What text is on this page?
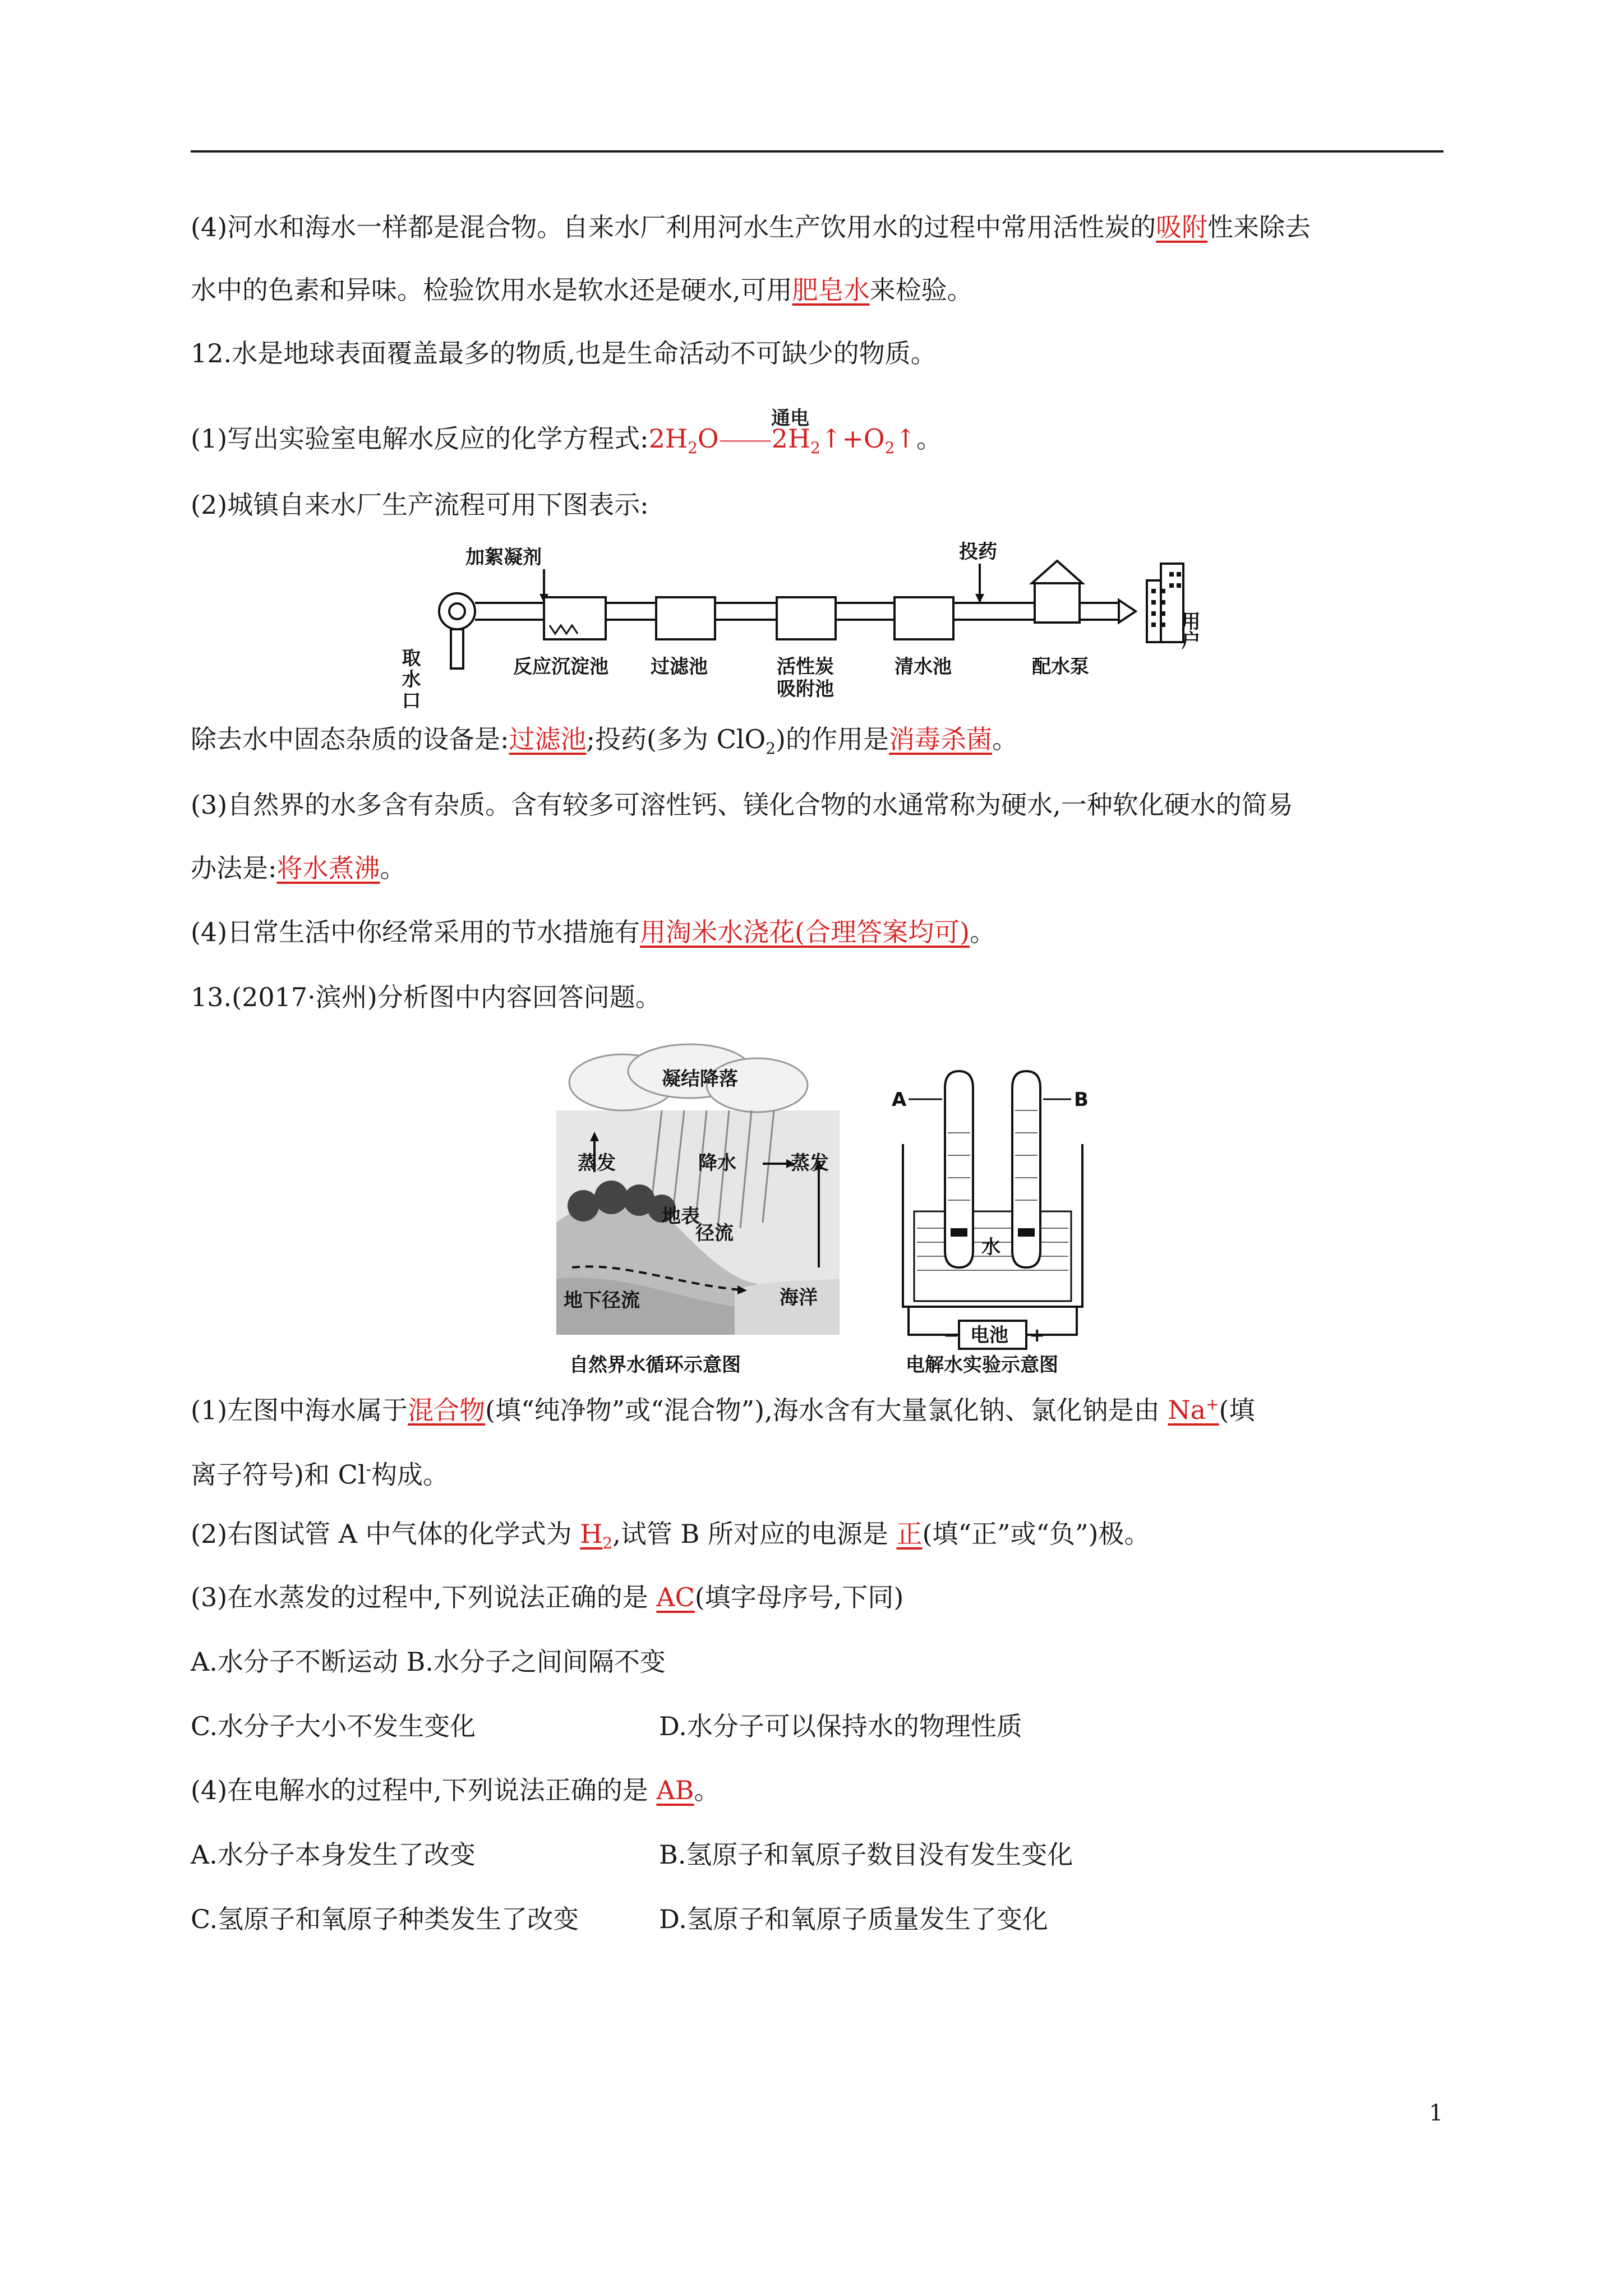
(4)河水和海水一样都是混合物。自来水厂利用河水生产饮用水的过程中常用活性炭的吸附性来除去
水中的色素和异味。检验饮用水是软水还是硬水,可用肥皂水来检验。
12.水是地球表面覆盖最多的物质,也是生命活动不可缺少的物质。
(1)写出实验室电解水反应的化学方程式$:2H_2O$ $2H_2↑+O_2↑$。
通电
(2)城镇自来水厂生产流程可用下图表示:
加絮凝剂
取水口	反应沉淀池 过滤池	活性炭
吸附池
清水池	配水泵
投药
用户
除去水中固态杂质的设备是:过滤池;投药(多为 ClO$_2$)的作用是消毒杀菌。
(3)自然界的水多含有杂质。含有较多可溶性钙、镁化合物的水通常称为硬水,一种软化硬水的简易
办法是:将水煮沸。
(4)日常生活中你经常采用的节水措施有用淘米水浇花(合理答案均可)。
13.(2017·滨州)分析图中内容回答问题。
凝结降落
蒸发	降水	蒸发
地表
径流
地下径流	海洋
自然界水循环示意图
A	B
水
电池
−	+
电解水实验示意图
(1)左图中海水属于混合物(填“纯净物”或“混合物”),海水含有大量氯化钠、氯化钠是由 Na+(填
离子符号)和 Cl-构成。
(2)右图试管 A 中气体的化学式为 $H_2$,试管 B 所对应的电源是 正(填“正”或“负”)极。
(3)在水蒸发的过程中,下列说法正确的是 AC(填字母序号,下同)
A.水分子不断运动 B.水分子之间间隔不变
C.水分子大小不发生变化	D.水分子可以保持水的物理性质
(4)在电解水的过程中,下列说法正确的是 AB。
A.水分子本身发生了改变	B.氢原子和氧原子数目没有发生变化
C.氢原子和氧原子种类发生了改变	D.氢原子和氧原子质量发生了变化
1
